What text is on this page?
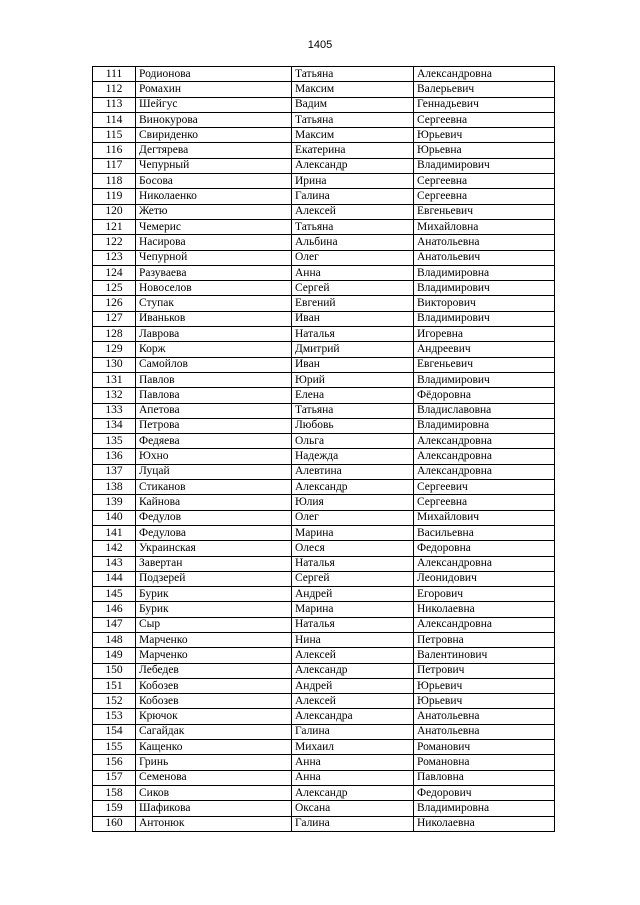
1405
111	Родионова	Татьяна	Александровна
112	Ромахин	Максим	Валерьевич
113	Шейгус	Вадим	Геннадьевич
114	Винокурова	Татьяна	Сергеевна
115	Свириденко	Максим	Юрьевич
116	Дегтярева	Екатерина	Юрьевна
117	Чепурный	Александр	Владимирович
118	Босова	Ирина	Сергеевна
119	Николаенко	Галина	Сергеевна
120	Жетю	Алексей	Евгеньевич
121	Чемерис	Татьяна	Михайловна
122	Насирова	Альбина	Анатольевна
123	Чепурной	Олег	Анатольевич
124	Разуваева	Анна	Владимировна
125	Новоселов	Сергей	Владимирович
126	Ступак	Евгений	Викторович
127	Иваньков	Иван	Владимирович
128	Лаврова	Наталья	Игоревна
129	Корж	Дмитрий	Андреевич
130	Самойлов	Иван	Евгеньевич
131	Павлов	Юрий	Владимирович
132	Павлова	Елена	Фёдоровна
133	Апетова	Татьяна	Владиславовна
134	Петрова	Любовь	Владимировна
135	Федяева	Ольга	Александровна
136	Юхно	Надежда	Александровна
137	Луцай	Алевтина	Александровна
138	Стиканов	Александр	Сергеевич
139	Кайнова	Юлия	Сергеевна
140	Федулов	Олег	Михайлович
141	Федулова	Марина	Васильевна
142	Украинская	Олеся	Федоровна
143	Завертан	Наталья	Александровна
144	Подзерей	Сергей	Леонидович
145	Бурик	Андрей	Егорович
146	Бурик	Марина	Николаевна
147	Сыр	Наталья	Александровна
148	Марченко	Нина	Петровна
149	Марченко	Алексей	Валентинович
150	Лебедев	Александр	Петрович
151	Кобозев	Андрей	Юрьевич
152	Кобозев	Алексей	Юрьевич
153	Крючок	Александра	Анатольевна
154	Сагайдак	Галина	Анатольевна
155	Кащенко	Михаил	Романович
156	Гринь	Анна	Романовна
157	Семенова	Анна	Павловна
158	Сиков	Александр	Федорович
159	Шафикова	Оксана	Владимировна
160	Антонюк	Галина	Николаевна
